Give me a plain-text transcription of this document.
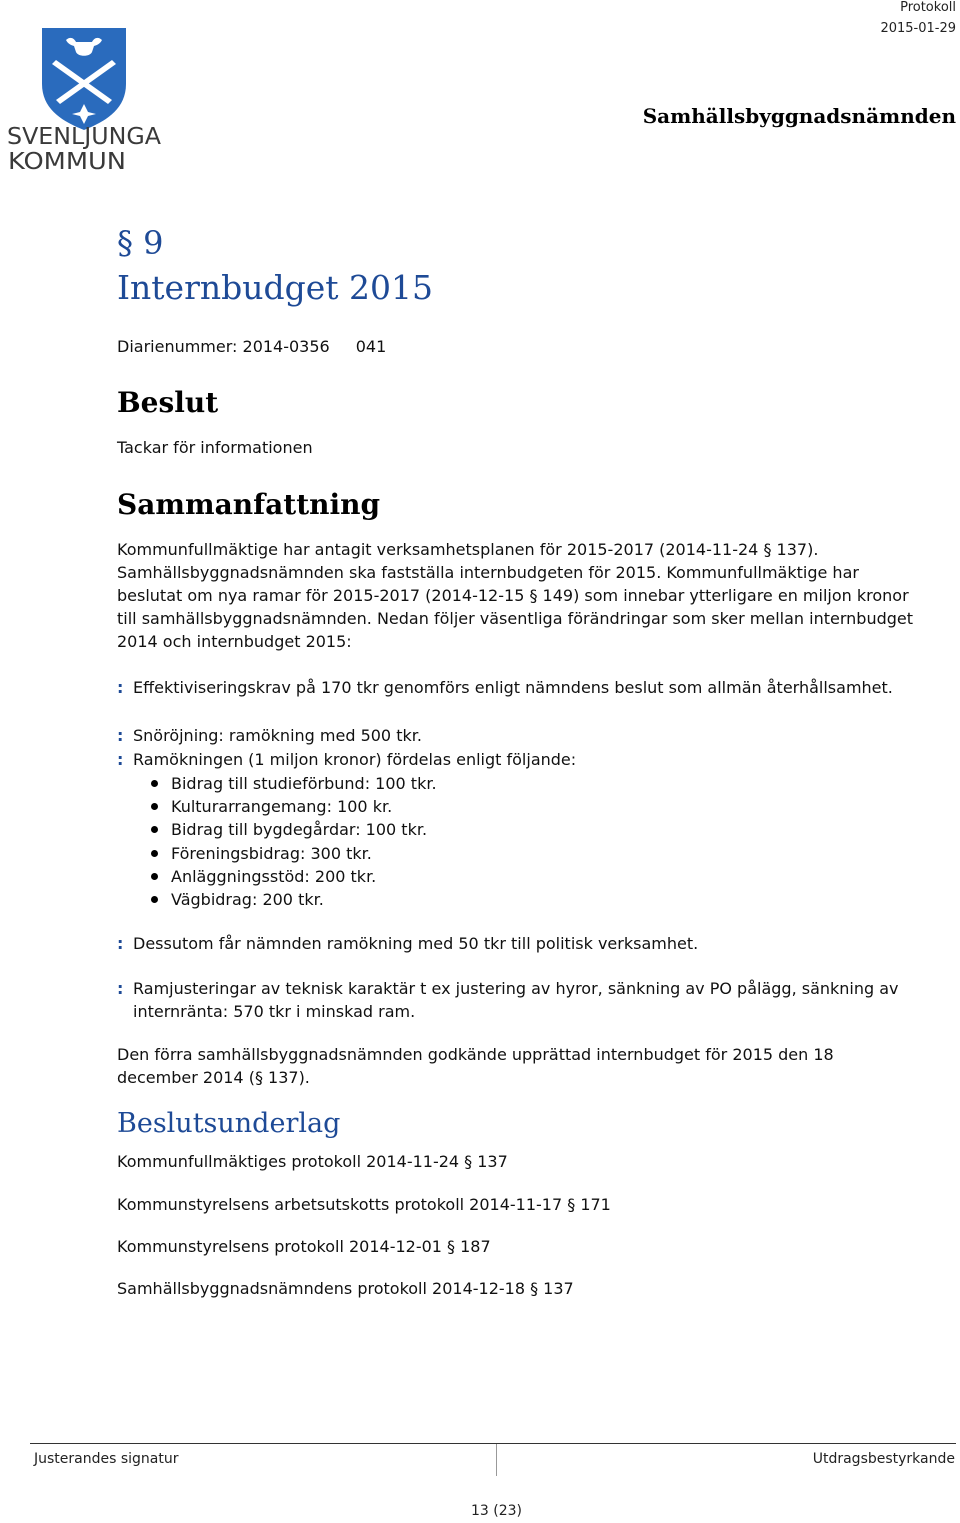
Protokoll
2015-01-29
Samhällsbyggnadsnämnden
SVENLJUNGA
KOMMUN
§ 9
Internbudget 2015
Diarienummer: 2014-0356 041
Beslut
Tackar för informationen
Sammanfattning

Kommunfullmäktige har antagit verksamhetsplanen för 2015-2017 (2014-11-24 § 137). Samhällsbyggnadsnämnden ska fastställa internbudgeten för 2015. Kommunfullmäktige har beslutat om nya ramar för 2015-2017 (2014-12-15 § 149) som innebar ytterligare en miljon kronor till samhällsbyggnadsnämnden. Nedan följer väsentliga förändringar som sker mellan internbudget 2014 och internbudget 2015:

: Effektiviseringskrav på 170 tkr genomförs enligt nämndens beslut som allmän återhållsamhet.
: Snöröjning: ramökning med 500 tkr.
: Ramökningen (1 miljon kronor) fördelas enligt följande:
Bidrag till studieförbund: 100 tkr.
Kulturarrangemang: 100 kr.
Bidrag till bygdegårdar: 100 tkr.
Föreningsbidrag: 300 tkr.
Anläggningsstöd: 200 tkr.
Vägbidrag: 200 tkr.
: Dessutom får nämnden ramökning med 50 tkr till politisk verksamhet.
: Ramjusteringar av teknisk karaktär t ex justering av hyror, sänkning av PO pålägg, sänkning av internränta: 570 tkr i minskad ram.

Den förra samhällsbyggnadsnämnden godkände upprättad internbudget för 2015 den 18 december 2014 (§ 137).

Beslutsunderlag
Kommunfullmäktiges protokoll 2014-11-24 § 137
Kommunstyrelsens arbetsutskotts protokoll 2014-11-17 § 171
Kommunstyrelsens protokoll 2014-12-01 § 187
Samhällsbyggnadsnämndens protokoll 2014-12-18 § 137
Justerandes signatur	Utdragsbestyrkande
13 (23)
